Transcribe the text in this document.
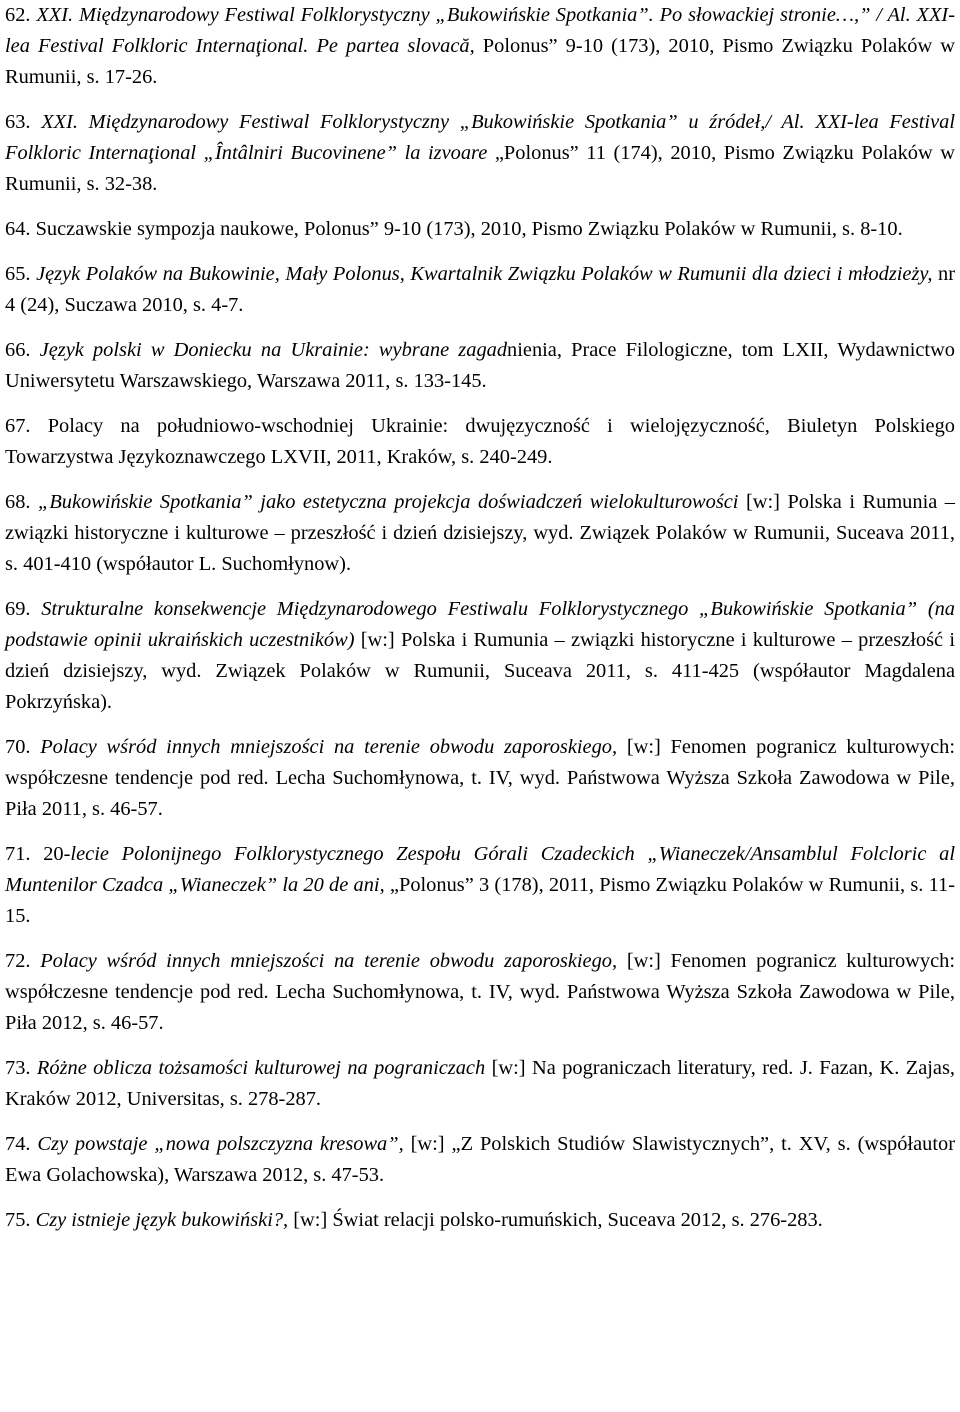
62. XXI. Międzynarodowy Festiwal Folklorystyczny „Bukowińskie Spotkania”. Po słowackiej stronie…,” / Al. XXI-lea Festival Folkloric Internaţional. Pe partea slovacă, Polonus” 9-10 (173), 2010, Pismo Związku Polaków w Rumunii, s. 17-26.

63. XXI. Międzynarodowy Festiwal Folklorystyczny „Bukowińskie Spotkania” u źródeł,/ Al. XXI-lea Festival Folkloric Internaţional „Întâlniri Bucovinene” la izvoare „Polonus” 11 (174), 2010, Pismo Związku Polaków w Rumunii, s. 32-38.

64. Suczawskie sympozja naukowe, Polonus” 9-10 (173), 2010, Pismo Związku Polaków w Rumunii, s. 8-10.

65. Język Polaków na Bukowinie, Mały Polonus, Kwartalnik Związku Polaków w Rumunii dla dzieci i młodzieży, nr 4 (24), Suczawa 2010, s. 4-7.

66. Język polski w Doniecku na Ukrainie: wybrane zagadnienia, Prace Filologiczne, tom LXII, Wydawnictwo Uniwersytetu Warszawskiego, Warszawa 2011, s. 133-145.

67. Polacy na południowo-wschodniej Ukrainie: dwujęzyczność i wielojęzyczność, Biuletyn Polskiego Towarzystwa Językoznawczego LXVII, 2011, Kraków, s. 240-249.

68. „Bukowińskie Spotkania” jako estetyczna projekcja doświadczeń wielokulturowości [w:] Polska i Rumunia – związki historyczne i kulturowe – przeszłość i dzień dzisiejszy, wyd. Związek Polaków w Rumunii, Suceava 2011, s. 401-410 (współautor L. Suchomłynow).

69. Strukturalne konsekwencje Międzynarodowego Festiwalu Folklorystycznego „Bukowińskie Spotkania” (na podstawie opinii ukraińskich uczestników) [w:] Polska i Rumunia – związki historyczne i kulturowe – przeszłość i dzień dzisiejszy, wyd. Związek Polaków w Rumunii, Suceava 2011, s. 411-425 (współautor Magdalena Pokrzyńska).

70. Polacy wśród innych mniejszości na terenie obwodu zaporoskiego, [w:] Fenomen pogranicz kulturowych: współczesne tendencje pod red. Lecha Suchomłynowa, t. IV, wyd. Państwowa Wyższa Szkoła Zawodowa w Pile, Piła 2011, s. 46-57.

71. 20-lecie Polonijnego Folklorystycznego Zespołu Górali Czadeckich „Wianeczek/Ansamblul Folcloric al Muntenilor Czadca „Wianeczek” la 20 de ani, „Polonus” 3 (178), 2011, Pismo Związku Polaków w Rumunii, s. 11-15.

72. Polacy wśród innych mniejszości na terenie obwodu zaporoskiego, [w:] Fenomen pogranicz kulturowych: współczesne tendencje pod red. Lecha Suchomłynowa, t. IV, wyd. Państwowa Wyższa Szkoła Zawodowa w Pile, Piła 2012, s. 46-57.

73. Różne oblicza tożsamości kulturowej na pograniczach [w:] Na pograniczach literatury, red. J. Fazan, K. Zajas, Kraków 2012, Universitas, s. 278-287.

74. Czy powstaje „nowa polszczyzna kresowa”, [w:] „Z Polskich Studiów Slawistycznych”, t. XV, s. (współautor Ewa Golachowska), Warszawa 2012, s. 47-53.

75. Czy istnieje język bukowiński?, [w:] Świat relacji polsko-rumuńskich, Suceava 2012, s. 276-283.
